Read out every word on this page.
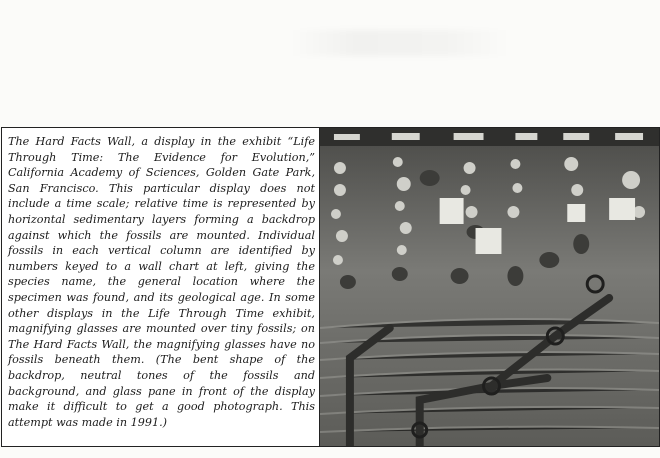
The Hard Facts Wall, a display in the exhibit “Life Through Time: The Evidence for Evolution,” California Academy of Sciences, Golden Gate Park, San Francisco. This particular display does not include a time scale; relative time is represented by horizontal sedimentary layers forming a backdrop against which the fossils are mounted. Individual fossils in each vertical column are identified by numbers keyed to a wall chart at left, giving the species name, the general location where the specimen was found, and its geological age. In some other displays in the Life Through Time exhibit, magnifying glasses are mounted over tiny fossils; on The Hard Facts Wall, the magnifying glasses have no fossils beneath them. (The bent shape of the backdrop, neutral tones of the fossils and background, and glass pane in front of the display make it difficult to get a good photograph. This attempt was made in 1991.)
